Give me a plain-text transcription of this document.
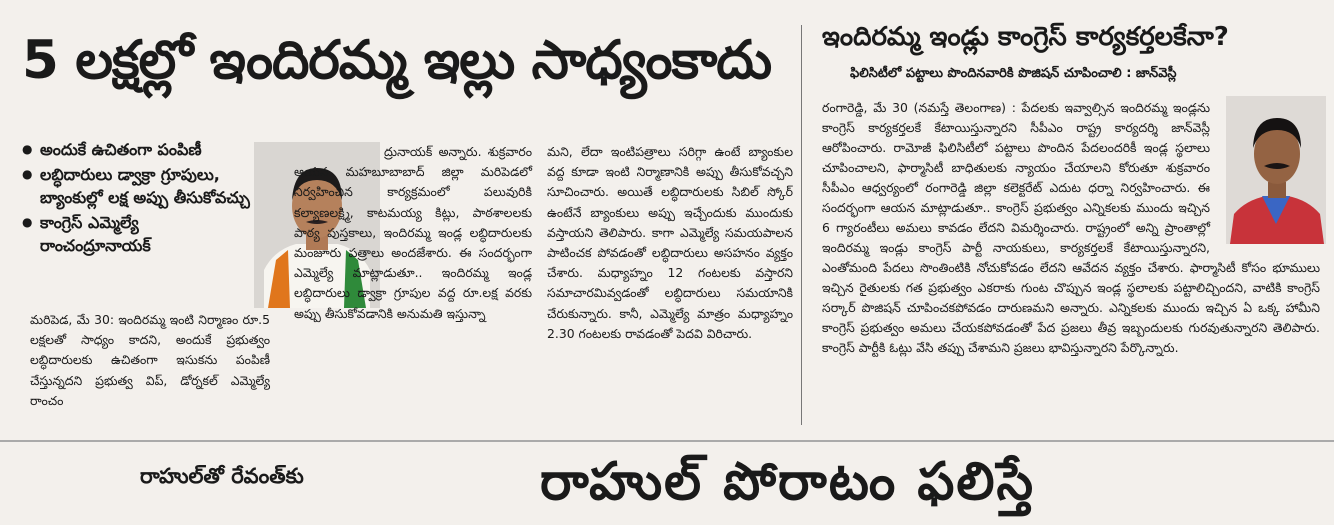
5 లక్షల్లో ఇందిరమ్మ ఇల్లు సాధ్యంకాదు
● అందుకే ఉచితంగా పంపిణీ
● లబ్ధిదారులు డ్వాక్రా గ్రూపులు, బ్యాంకుల్లో లక్ష అప్పు తీసుకోవచ్చు
● కాంగ్రెస్ ఎమ్మెల్యే రాంచంద్రూనాయక్

మరిపెడ, మే 30: ఇందిరమ్మ ఇంటి నిర్మాణం రూ.5 లక్షలతో సాధ్యం కాదని, అందుకే ప్రభుత్వం లబ్ధిదారులకు ఉచితంగా ఇసుకను పంపిణీ చేస్తున్నదని ప్రభుత్వ విప్, డోర్నకల్ ఎమ్మెల్యే రాంచం

ద్రునాయక్ అన్నారు. శుక్రవారం ఆయన మహబూబాబాద్ జిల్లా మరిపెడలో నిర్వహించిన కార్యక్రమంలో పలువురికి కల్యాణలక్ష్మి, కాటమయ్య కిట్లు, పాఠశాలలకు పాఠ్య పుస్తకాలు, ఇందిరమ్మ ఇండ్ల లబ్ధిదారులకు మంజూరు పత్రాలు అందజేశారు. ఈ సందర్భంగా ఎమ్మెల్యే మాట్లాడుతూ.. ఇందిరమ్మ ఇండ్ల లబ్ధిదారులు డ్వాక్రా గ్రూపుల వద్ద రూ.లక్ష వరకు అప్పు తీసుకోవడానికి అనుమతి ఇస్తున్నా

మని, లేదా ఇంటిపత్రాలు సరిగ్గా ఉంటే బ్యాంకుల వద్ద కూడా ఇంటి నిర్మాణానికి అప్పు తీసుకోవచ్చని సూచించారు. అయితే లబ్ధిదారులకు సిబిల్ స్కోర్ ఉంటేనే బ్యాంకులు అప్పు ఇచ్చేందుకు ముందుకు వస్తాయని తెలిపారు. కాగా ఎమ్మెల్యే సమయపాలన పాటించక పోవడంతో లబ్ధిదారులు అసహనం వ్యక్తం చేశారు. మధ్యాహ్నం 12 గంటలకు వస్తారని సమాచారమివ్వడంతో లబ్ధిదారులు సమయానికి చేరుకున్నారు. కానీ, ఎమ్మెల్యే మాత్రం మధ్యాహ్నం 2.30 గంటలకు రావడంతో పెదవి విరిచారు.

ఇందిరమ్మ ఇండ్లు కాంగ్రెస్ కార్యకర్తలకేనా?
ఫిలిసిటీలో పట్టాలు పొందినవారికి పొజిషన్ చూపించాలి : జాన్‌వెస్లీ

రంగారెడ్డి, మే 30 (నమస్తే తెలంగాణ) : పేదలకు ఇవ్వాల్సిన ఇందిరమ్మ ఇండ్లను కాంగ్రెస్ కార్యకర్తలకే కేటాయిస్తున్నారని సీపీఎం రాష్ట్ర కార్యదర్శి జాన్‌వెస్లీ ఆరోపించారు. రామోజీ ఫిలిసిటీలో పట్టాలు పొందిన పేదలందరికీ ఇండ్ల స్థలాలు చూపించాలని, ఫార్మాసిటీ బాధితులకు న్యాయం చేయాలని కోరుతూ శుక్రవారం సీపీఎం ఆధ్వర్యంలో రంగారెడ్డి జిల్లా కలెక్టరేట్ ఎదుట ధర్నా నిర్వహించారు. ఈ సందర్భంగా ఆయన మాట్లాడుతూ.. కాంగ్రెస్ ప్రభుత్వం ఎన్నికలకు ముందు ఇచ్చిన 6 గ్యారంటీలు అమలు కావడం లేదని విమర్శించారు. రాష్ట్రంలో అన్ని ప్రాంతాల్లో ఇందిరమ్మ ఇండ్లు కాంగ్రెస్ పార్టీ నాయకులు, కార్యకర్తలకే కేటాయిస్తున్నారని, ఎంతోమంది పేదలు సొంతింటికి నోచుకోవడం లేదని ఆవేదన వ్యక్తం చేశారు. ఫార్మాసిటీ కోసం భూములు ఇచ్చిన రైతులకు గత ప్రభుత్వం ఎకరాకు గుంట చొప్పున ఇండ్ల స్థలాలకు పట్టాలిచ్చిందని, వాటికి కాంగ్రెస్ సర్కార్ పొజిషన్ చూపించకపోవడం దారుణమని అన్నారు. ఎన్నికలకు ముందు ఇచ్చిన ఏ ఒక్క హామీని కాంగ్రెస్ ప్రభుత్వం అమలు చేయకపోవడంతో పేద ప్రజలు తీవ్ర ఇబ్బందులకు గురవుతున్నారని తెలిపారు. కాంగ్రెస్ పార్టీకి ఓట్లు వేసి తప్పు చేశామని ప్రజలు భావిస్తున్నారని పేర్కొన్నారు.

రాహుల్‌తో రేవంత్‌కు	రాహుల్ పోరాటం ఫలిస్తే
